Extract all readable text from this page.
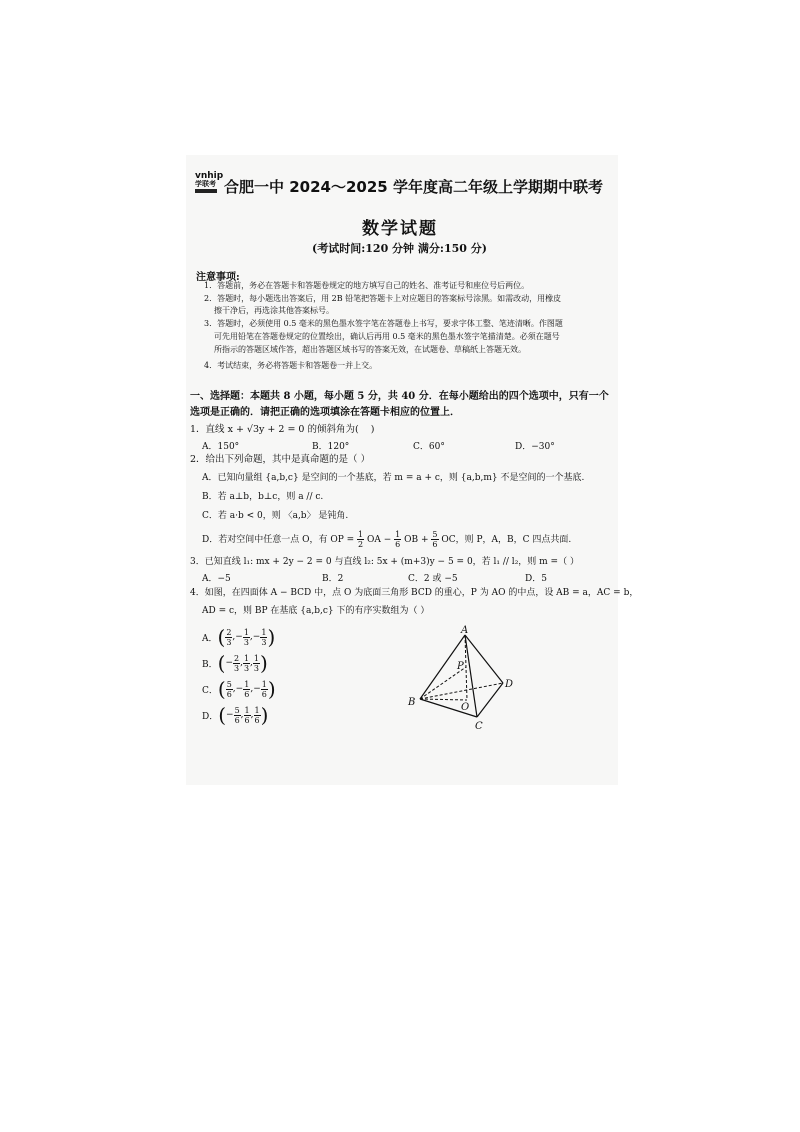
vnhip
学联考 合肥一中 2024～2025 学年度高二年级上学期期中联考
数学试题
(考试时间:120 分钟 满分:150 分)
注意事项:
1．答题前，务必在答题卡和答题卷规定的地方填写自己的姓名、准考证号和座位号后两位。
2．答题时，每小题选出答案后，用 2B 铅笔把答题卡上对应题目的答案标号涂黑。如需改动，用橡皮
擦干净后，再选涂其他答案标号。
3．答题时，必须使用 0.5 毫米的黑色墨水签字笔在答题卷上书写，要求字体工整、笔迹清晰。作图题
可先用铅笔在答题卷规定的位置绘出，确认后再用 0.5 毫米的黑色墨水签字笔描清楚。必须在题号
所指示的答题区域作答，超出答题区域书写的答案无效，在试题卷、草稿纸上答题无效。
4．考试结束，务必将答题卡和答题卷一并上交。
一、选择题：本题共 8 小题，每小题 5 分，共 40 分．在每小题给出的四个选项中，只有一个选项是正确的．请把正确的选项填涂在答题卡相应的位置上．
1．直线 x + √3y + 2 = 0 的倾斜角为( )
A．150°	B．120°	C．60°	D．−30°
2．给出下列命题，其中是真命题的是（ ）
A．已知向量组 {a,b,c} 是空间的一个基底，若 m = a + c，则 {a,b,m} 不是空间的一个基底.
B．若 a⊥b，b⊥c，则 a // c.
C．若 a·b < 0，则 〈a,b〉 是钝角.
D．若对空间中任意一点 O，有 OP = $\frac{1}{2}$ OA − $\frac{1}{6}$ OB + $\frac{5}{6}$ OC，则 P，A，B，C 四点共面.
3．已知直线 l₁: mx + 2y − 2 = 0 与直线 l₂: 5x + (m+3)y − 5 = 0，若 l₁ // l₂，则 m =（ ）
A．−5	B．2	C．2 或 −5	D．5
4．如图，在四面体 A − BCD 中，点 O 为底面三角形 BCD 的重心，P 为 AO 的中点，设 AB = a，AC = b，
AD = c，则 BP 在基底 {a,b,c} 下的有序实数组为（ ）
A． ( $\frac{2}{3}$ , − $\frac{1}{3}$ , − $\frac{1}{3}$ )
B． ( − $\frac{2}{3}$ , $\frac{1}{3}$ , $\frac{1}{3}$ )
C． ( $\frac{5}{6}$ , − $\frac{1}{6}$ , − $\frac{1}{6}$ )
D． ( − $\frac{5}{6}$ , $\frac{1}{6}$ , $\frac{1}{6}$ )
A
B
C
D
O
P
